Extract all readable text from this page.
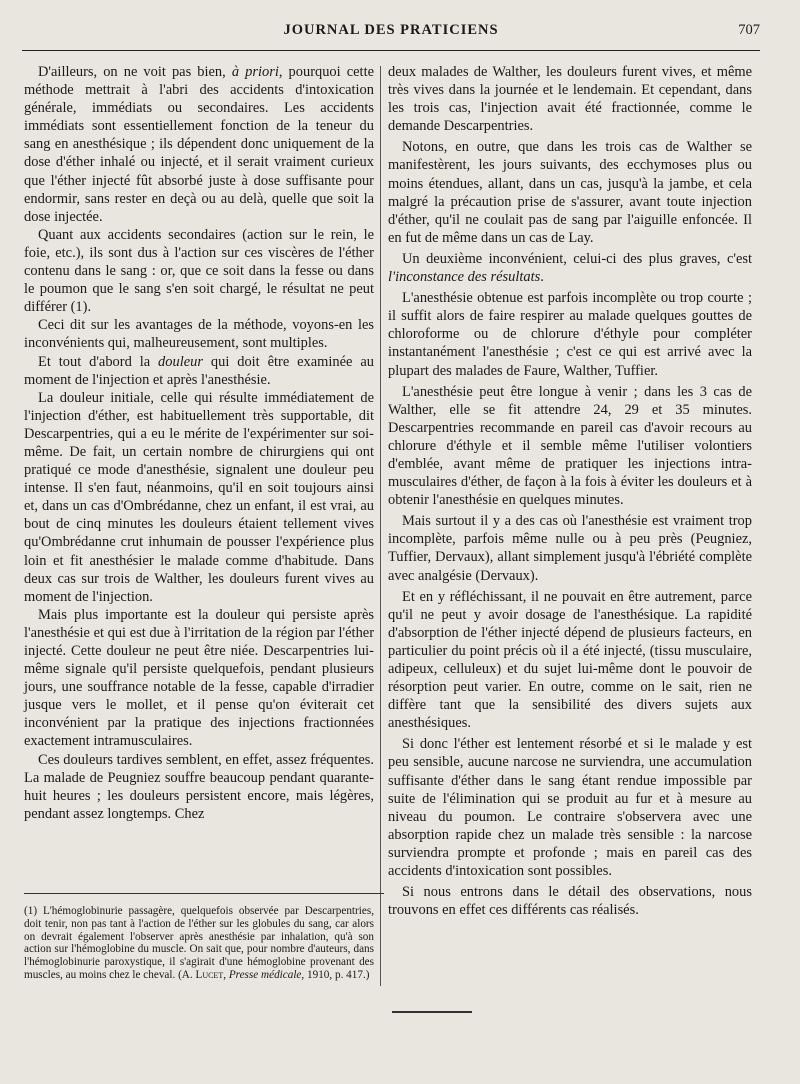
JOURNAL DES PRATICIENS	707

D'ailleurs, on ne voit pas bien, à priori, pourquoi cette méthode mettrait à l'abri des accidents d'intoxication générale, immédiats ou secondaires. Les accidents immédiats sont essentiellement fonction de la teneur du sang en anesthésique ; ils dépendent donc uniquement de la dose d'éther inhalé ou injecté, et il serait vraiment curieux que l'éther injecté fût absorbé juste à dose suffisante pour endormir, sans rester en deçà ou au delà, quelle que soit la dose injectée.

Quant aux accidents secondaires (action sur le rein, le foie, etc.), ils sont dus à l'action sur ces viscères de l'éther contenu dans le sang : or, que ce soit dans la fesse ou dans le poumon que le sang s'en soit chargé, le résultat ne peut différer (1).

Ceci dit sur les avantages de la méthode, voyons-en les inconvénients qui, malheureusement, sont multiples.

Et tout d'abord la douleur qui doit être examinée au moment de l'injection et après l'anesthésie.

La douleur initiale, celle qui résulte immédiatement de l'injection d'éther, est habituellement très supportable, dit Descarpentries, qui a eu le mérite de l'expérimenter sur soi-même. De fait, un certain nombre de chirurgiens qui ont pratiqué ce mode d'anesthésie, signalent une douleur peu intense. Il s'en faut, néanmoins, qu'il en soit toujours ainsi et, dans un cas d'Ombrédanne, chez un enfant, il est vrai, au bout de cinq minutes les douleurs étaient tellement vives qu'Ombrédanne crut inhumain de pousser l'expérience plus loin et fit anesthésier le malade comme d'habitude. Dans deux cas sur trois de Walther, les douleurs furent vives au moment de l'injection.

Mais plus importante est la douleur qui persiste après l'anesthésie et qui est due à l'irritation de la région par l'éther injecté. Cette douleur ne peut être niée. Descarpentries lui-même signale qu'il persiste quelquefois, pendant plusieurs jours, une souffrance notable de la fesse, capable d'irradier jusque vers le mollet, et il pense qu'on éviterait cet inconvénient par la pratique des injections fractionnées exactement intramusculaires.

Ces douleurs tardives semblent, en effet, assez fréquentes. La malade de Peugniez souffre beaucoup pendant quarante-huit heures ; les douleurs persistent encore, mais légères, pendant assez longtemps. Chez

deux malades de Walther, les douleurs furent vives, et même très vives dans la journée et le lendemain. Et cependant, dans les trois cas, l'injection avait été fractionnée, comme le demande Descarpentries.

Notons, en outre, que dans les trois cas de Walther se manifestèrent, les jours suivants, des ecchymoses plus ou moins étendues, allant, dans un cas, jusqu'à la jambe, et cela malgré la précaution prise de s'assurer, avant toute injection d'éther, qu'il ne coulait pas de sang par l'aiguille enfoncée. Il en fut de même dans un cas de Lay.

Un deuxième inconvénient, celui-ci des plus graves, c'est l'inconstance des résultats.

L'anesthésie obtenue est parfois incomplète ou trop courte ; il suffit alors de faire respirer au malade quelques gouttes de chloroforme ou de chlorure d'éthyle pour compléter instantanément l'anesthésie ; c'est ce qui est arrivé avec la plupart des malades de Faure, Walther, Tuffier.

L'anesthésie peut être longue à venir ; dans les 3 cas de Walther, elle se fit attendre 24, 29 et 35 minutes. Descarpentries recommande en pareil cas d'avoir recours au chlorure d'éthyle et il semble même l'utiliser volontiers d'emblée, avant même de pratiquer les injections intra-musculaires d'éther, de façon à la fois à éviter les douleurs et à obtenir l'anesthésie en quelques minutes.

Mais surtout il y a des cas où l'anesthésie est vraiment trop incomplète, parfois même nulle ou à peu près (Peugniez, Tuffier, Dervaux), allant simplement jusqu'à l'ébriété complète avec analgésie (Dervaux).

Et en y réfléchissant, il ne pouvait en être autrement, parce qu'il ne peut y avoir dosage de l'anesthésique. La rapidité d'absorption de l'éther injecté dépend de plusieurs facteurs, en particulier du point précis où il a été injecté, (tissu musculaire, adipeux, celluleux) et du sujet lui-même dont le pouvoir de résorption peut varier. En outre, comme on le sait, rien ne diffère tant que la sensibilité des divers sujets aux anesthésiques.

Si donc l'éther est lentement résorbé et si le malade y est peu sensible, aucune narcose ne surviendra, une accumulation suffisante d'éther dans le sang étant rendue impossible par suite de l'élimination qui se produit au fur et à mesure au niveau du poumon. Le contraire s'observera avec une absorption rapide chez un malade très sensible : la narcose surviendra prompte et profonde ; mais en pareil cas des accidents d'intoxication sont possibles.

Si nous entrons dans le détail des observations, nous trouvons en effet ces différents cas réalisés.

(1) L'hémoglobinurie passagère, quelquefois observée par Descarpentries, doit tenir, non pas tant à l'action de l'éther sur les globules du sang, car alors on devrait également l'observer après anesthésie par inhalation, qu'à son action sur l'hémoglobine du muscle. On sait que, pour nombre d'auteurs, dans l'hémoglobinurie paroxystique, il s'agirait d'une hémoglobine provenant des muscles, au moins chez le cheval. (A. Lucet, Presse médicale, 1910, p. 417.)
